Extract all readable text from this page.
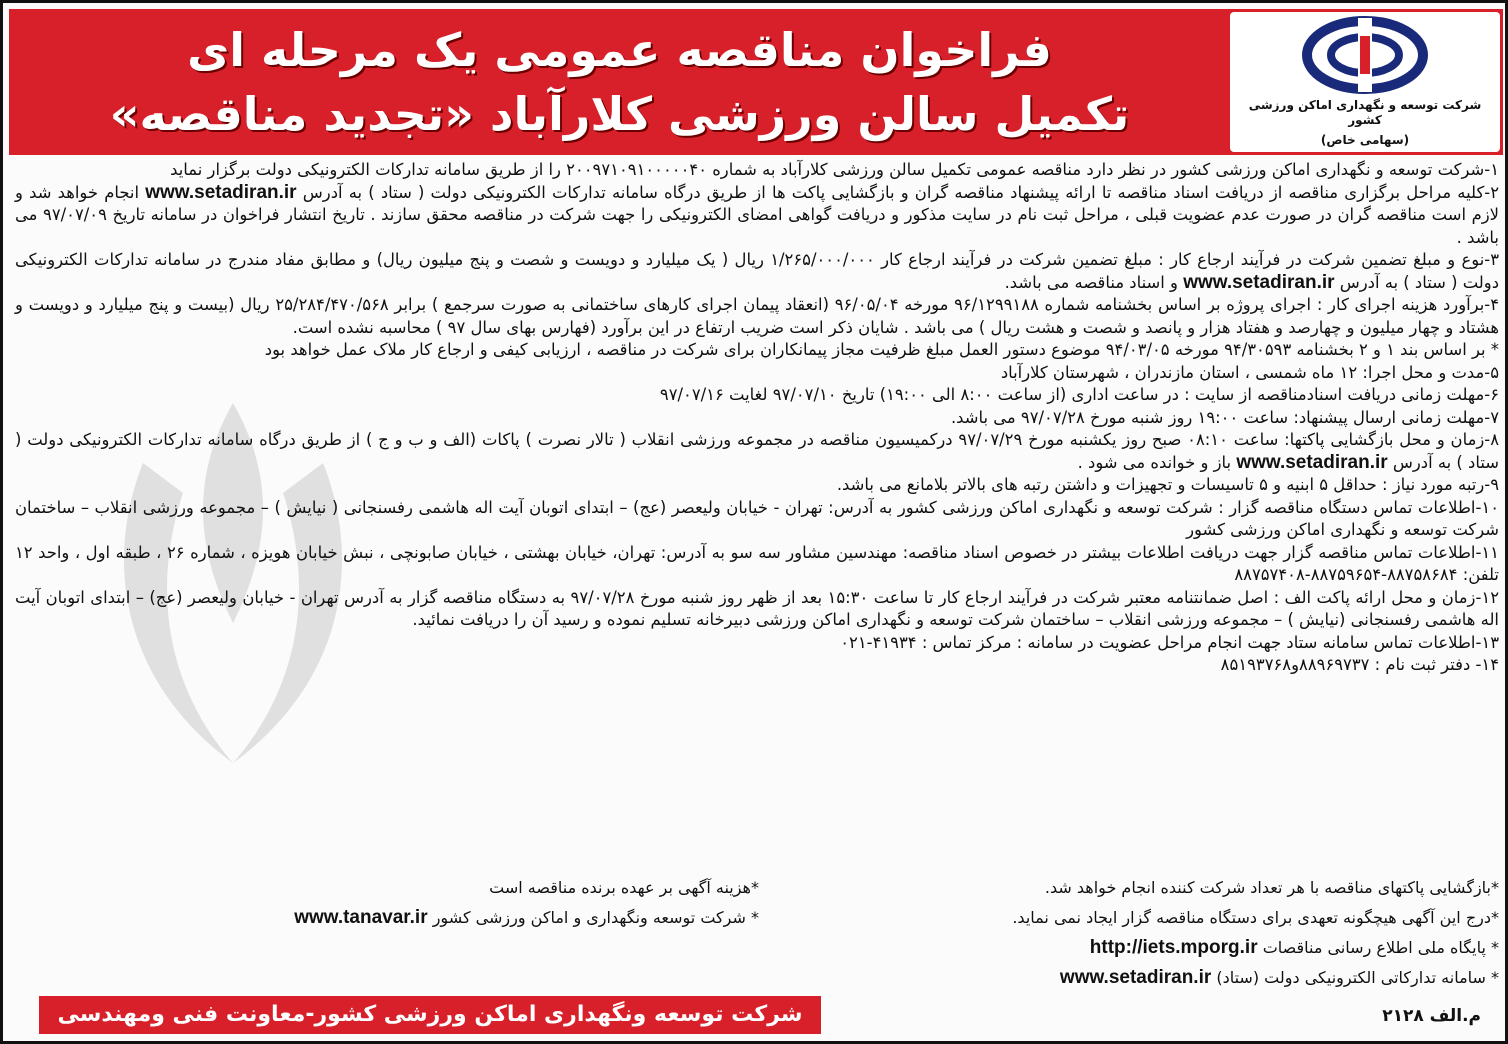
شرکت توسعه و نگهداری اماکن ورزشی کشور
(سهامی خاص)
فراخوان مناقصه عمومی یک مرحله ای
تکمیل سالن ورزشی کلارآباد «تجدید مناقصه»

۱-شرکت توسعه و نگهداری اماکن ورزشی کشور در نظر دارد مناقصه عمومی تکمیل سالن ورزشی کلارآباد به شماره ۲۰۰۹۷۱۰۹۱۰۰۰۰۰۴۰ را از طریق سامانه تدارکات الکترونیکی دولت برگزار نماید

۲-کلیه مراحل برگزاری مناقصه از دریافت اسناد مناقصه تا ارائه پیشنهاد مناقصه گران و بازگشایی پاکت ها از طریق درگاه سامانه تدارکات الکترونیکی دولت ( ستاد ) به آدرس www.setadiran.ir انجام خواهد شد و لازم است مناقصه گران در صورت عدم عضویت قبلی ، مراحل ثبت نام در سایت مذکور و دریافت گواهی امضای الکترونیکی را جهت شرکت در مناقصه محقق سازند . تاریخ انتشار فراخوان در سامانه تاریخ ۹۷/۰۷/۰۹ می باشد .

۳-نوع و مبلغ تضمین شرکت در فرآیند ارجاع کار : مبلغ تضمین شرکت در فرآیند ارجاع کار ۱/۲۶۵/۰۰۰/۰۰۰ ریال ( یک میلیارد و دویست و شصت و پنج میلیون ریال) و مطابق مفاد مندرج در سامانه تدارکات الکترونیکی دولت ( ستاد ) به آدرس www.setadiran.ir و اسناد مناقصه می باشد.

۴-برآورد هزینه اجرای کار : اجرای پروژه بر اساس بخشنامه شماره ۹۶/۱۲۹۹۱۸۸ مورخه ۹۶/۰۵/۰۴ (انعقاد پیمان اجرای کارهای ساختمانی به صورت سرجمع ) برابر ۲۵/۲۸۴/۴۷۰/۵۶۸ ریال (بیست و پنج میلیارد و دویست و هشتاد و چهار میلیون و چهارصد و هفتاد هزار و پانصد و شصت و هشت ریال ) می باشد . شایان ذکر است ضریب ارتفاع در این برآورد (فهارس بهای سال ۹۷ ) محاسبه نشده است.

* بر اساس بند ۱ و ۲ بخشنامه ۹۴/۳۰۵۹۳ مورخه ۹۴/۰۳/۰۵ موضوع دستور العمل مبلغ ظرفیت مجاز پیمانکاران برای شرکت در مناقصه ، ارزیابی کیفی و ارجاع کار ملاک عمل خواهد بود

۵-مدت و محل اجرا: ۱۲ ماه شمسی ، استان مازندران ، شهرستان کلارآباد

۶-مهلت زمانی دریافت اسنادمناقصه از سایت : در ساعت اداری (از ساعت ۸:۰۰ الی ۱۹:۰۰) تاریخ ۹۷/۰۷/۱۰ لغایت ۹۷/۰۷/۱۶

۷-مهلت زمانی ارسال پیشنهاد: ساعت ۱۹:۰۰ روز شنبه مورخ ۹۷/۰۷/۲۸ می باشد.

۸-زمان و محل بازگشایی پاکتها: ساعت ۰۸:۱۰ صبح روز یکشنبه مورخ ۹۷/۰۷/۲۹ درکمیسیون مناقصه در مجموعه ورزشی انقلاب ( تالار نصرت ) پاکات (الف و ب و ج ) از طریق درگاه سامانه تدارکات الکترونیکی دولت ( ستاد ) به آدرس www.setadiran.ir باز و خوانده می شود .

۹-رتبه مورد نیاز : حداقل ۵ ابنیه و ۵ تاسیسات و تجهیزات و داشتن رتبه های بالاتر بلامانع می باشد.

۱۰-اطلاعات تماس دستگاه مناقصه گزار : شرکت توسعه و نگهداری اماکن ورزشی کشور به آدرس: تهران - خیابان ولیعصر (عج) – ابتدای اتوبان آیت اله هاشمی رفسنجانی ( نیایش ) – مجموعه ورزشی انقلاب – ساختمان شرکت توسعه و نگهداری اماکن ورزشی کشور

۱۱-اطلاعات تماس مناقصه گزار جهت دریافت اطلاعات بیشتر در خصوص اسناد مناقصه: مهندسین مشاور سه سو به آدرس: تهران، خیابان بهشتی ، خیابان صابونچی ، نبش خیابان هویزه ، شماره ۲۶ ، طبقه اول ، واحد ۱۲ تلفن: ۸۸۷۵۸۶۸۴-۸۸۷۵۹۶۵۴-۸۸۷۵۷۴۰۸

۱۲-زمان و محل ارائه پاکت الف : اصل ضمانتنامه معتبر شرکت در فرآیند ارجاع کار تا ساعت ۱۵:۳۰ بعد از ظهر روز شنبه مورخ ۹۷/۰۷/۲۸ به دستگاه مناقصه گزار به آدرس تهران - خیابان ولیعصر (عج) – ابتدای اتوبان آیت اله هاشمی رفسنجانی (نیایش ) – مجموعه ورزشی انقلاب – ساختمان شرکت توسعه و نگهداری اماکن ورزشی دبیرخانه تسلیم نموده و رسید آن را دریافت نمائید.

۱۳-اطلاعات تماس سامانه ستاد جهت انجام مراحل عضویت در سامانه : مرکز تماس : ۴۱۹۳۴-۰۲۱

۱۴- دفتر ثبت نام : ۸۸۹۶۹۷۳۷و۸۵۱۹۳۷۶۸

*بازگشایی پاکتهای مناقصه با هر تعداد شرکت کننده انجام خواهد شد.
*درج این آگهی هیچگونه تعهدی برای دستگاه مناقصه گزار ایجاد نمی نماید.
* پایگاه ملی اطلاع رسانی مناقصات http://iets.mporg.ir
* سامانه تدارکاتی الکترونیکی دولت (ستاد) www.setadiran.ir
*هزینه آگهی بر عهده برنده مناقصه است
* شرکت توسعه ونگهداری و اماکن ورزشی کشور www.tanavar.ir
شرکت توسعه ونگهداری اماکن ورزشی کشور-معاونت فنی ومهندسی	م.الف ۲۱۲۸
